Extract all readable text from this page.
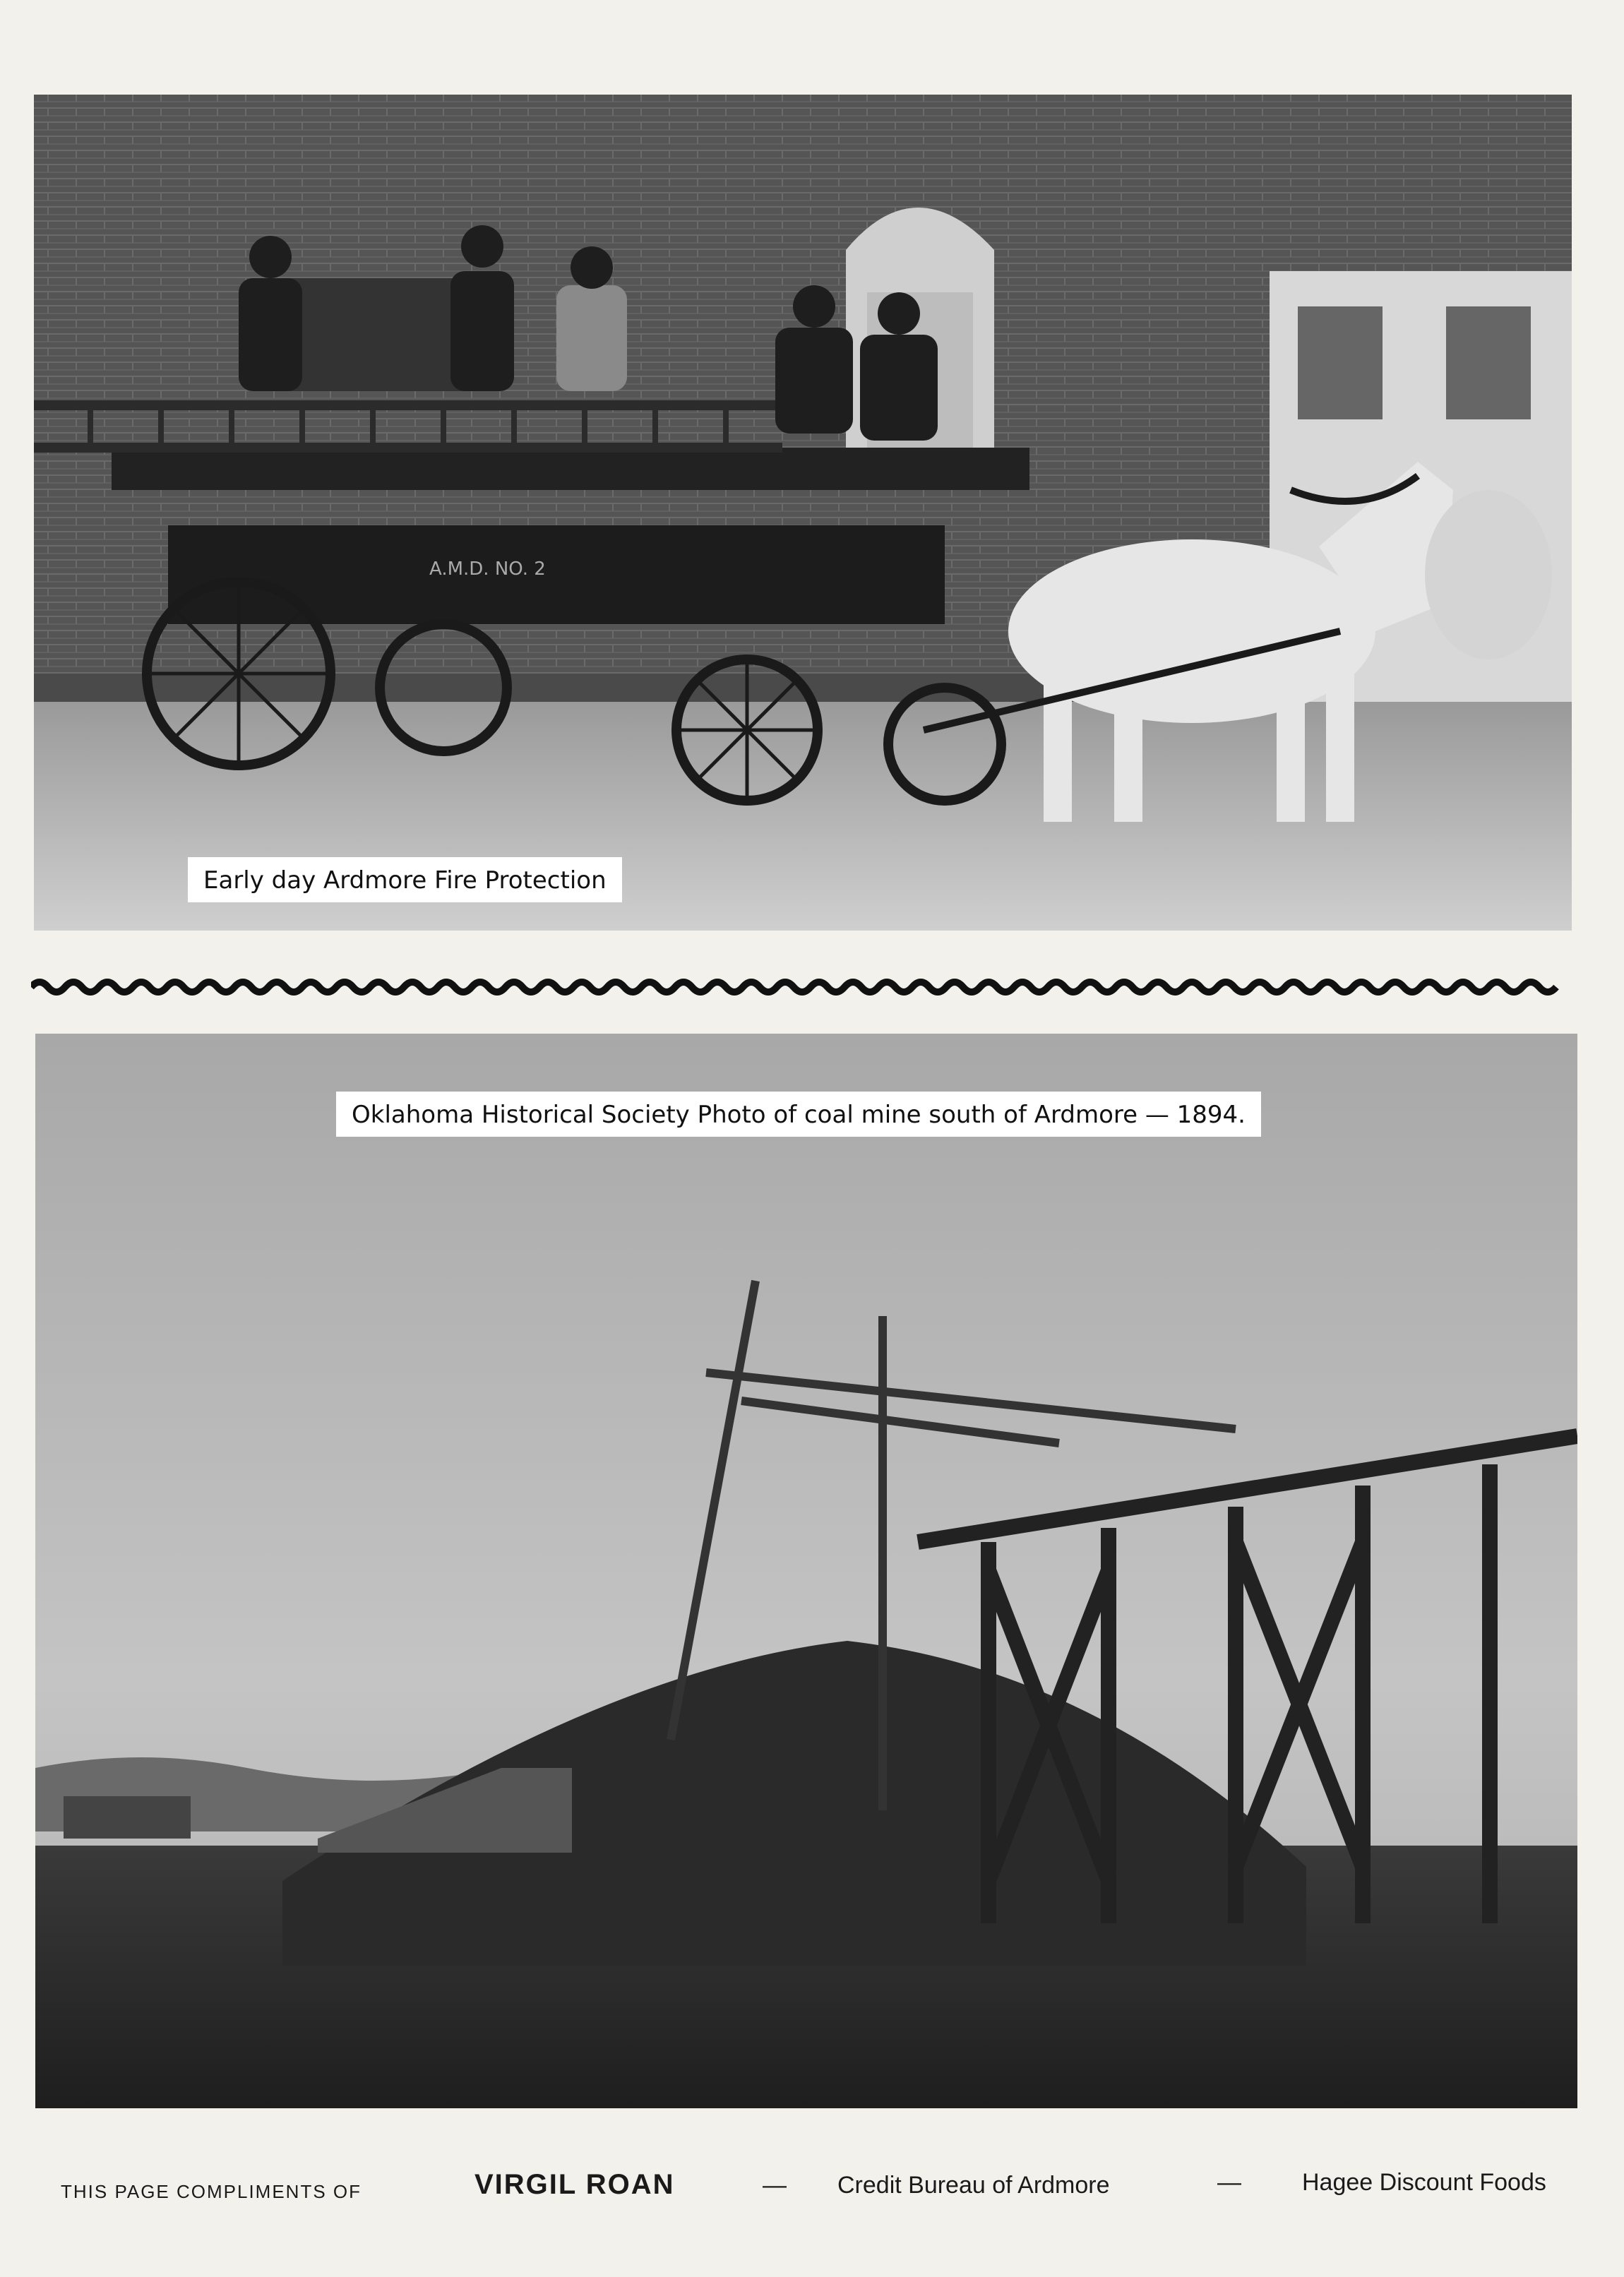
A.M.D. NO. 2
Early day Ardmore Fire Protection
Oklahoma Historical Society Photo of coal mine south of Ardmore — 1894.
THIS PAGE COMPLIMENTS OF	VIRGIL ROAN	— Credit Bureau of Ardmore	—	Hagee Discount Foods
